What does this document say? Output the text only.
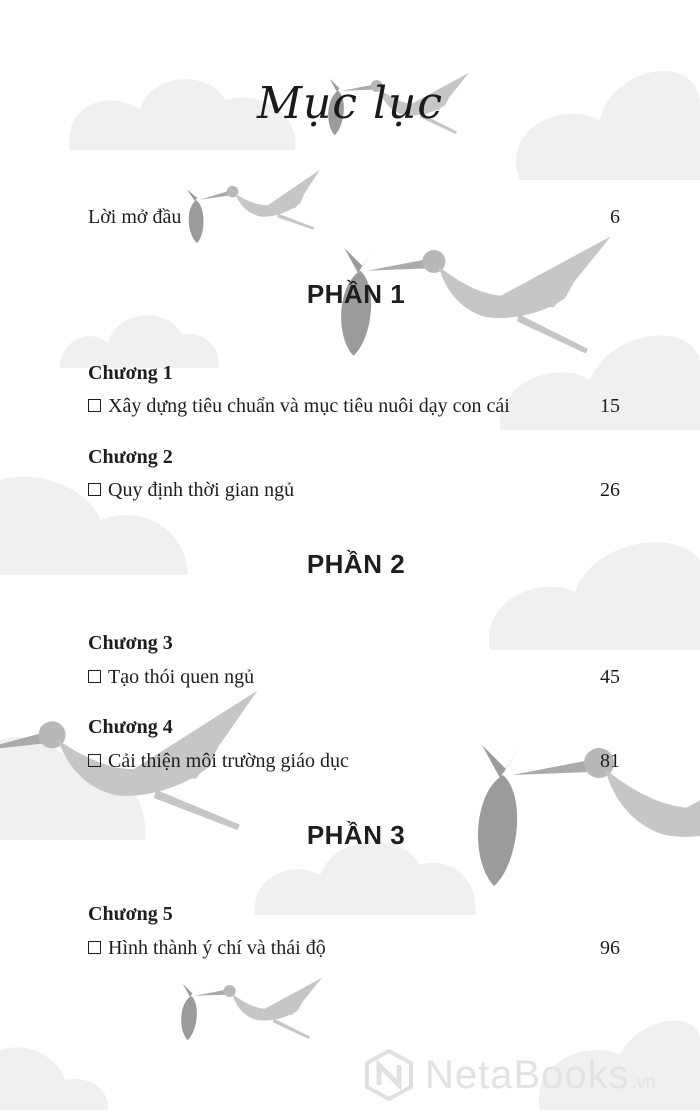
Mục lục
Lời mở đầu	6
PHẦN 1
Chương 1
Xây dựng tiêu chuẩn và mục tiêu nuôi dạy con cái	15
Chương 2
Quy định thời gian ngủ	26
PHẦN 2
Chương 3
Tạo thói quen ngủ	45
Chương 4
Cải thiện môi trường giáo dục	81
PHẦN 3
Chương 5
Hình thành ý chí và thái độ	96
NetaBooks .vn
